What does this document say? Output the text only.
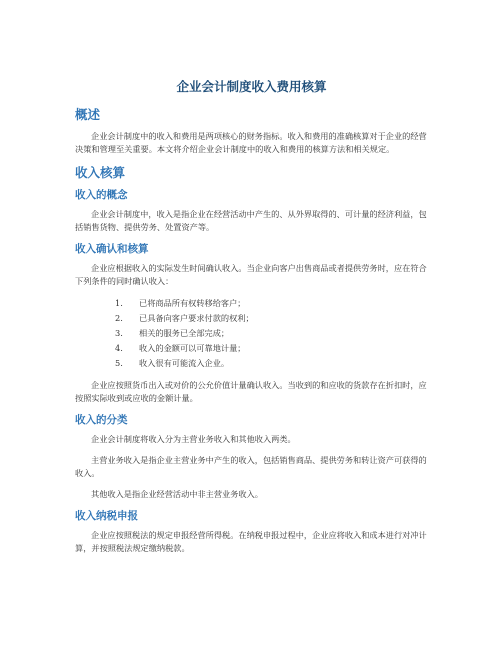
企业会计制度收入费用核算
概述

企业会计制度中的收入和费用是两项核心的财务指标。收入和费用的准确核算对于企业的经营决策和管理至关重要。本文将介绍企业会计制度中的收入和费用的核算方法和相关规定。

收入核算
收入的概念

企业会计制度中，收入是指企业在经营活动中产生的、从外界取得的、可计量的经济利益，包括销售货物、提供劳务、处置资产等。

收入确认和核算

企业应根据收入的实际发生时间确认收入。当企业向客户出售商品或者提供劳务时，应在符合下列条件的同时确认收入：

1.	已将商品所有权转移给客户；
2.	已具备向客户要求付款的权利；
3.	相关的服务已全部完成；
4.	收入的金额可以可靠地计量；
5.	收入很有可能流入企业。

企业应按照货币出入或对价的公允价值计量确认收入。当收到的和应收的货款存在折扣时，应按照实际收到或应收的金额计量。

收入的分类

企业会计制度将收入分为主营业务收入和其他收入两类。

主营业务收入是指企业主营业务中产生的收入，包括销售商品、提供劳务和转让资产可获得的收入。

其他收入是指企业经营活动中非主营业务收入。

收入纳税申报

企业应按照税法的规定申报经营所得税。在纳税申报过程中，企业应将收入和成本进行对冲计算，并按照税法规定缴纳税款。
